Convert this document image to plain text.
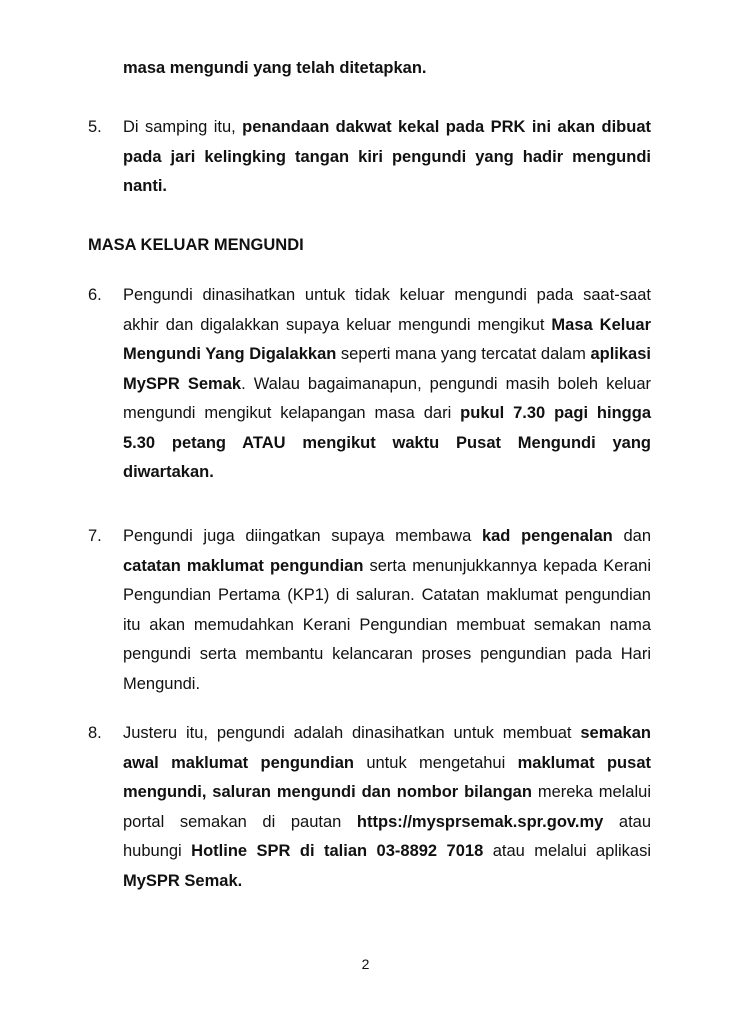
masa mengundi yang telah ditetapkan.

5. Di samping itu, penandaan dakwat kekal pada PRK ini akan dibuat pada jari kelingking tangan kiri pengundi yang hadir mengundi nanti.

MASA KELUAR MENGUNDI

6. Pengundi dinasihatkan untuk tidak keluar mengundi pada saat-saat akhir dan digalakkan supaya keluar mengundi mengikut Masa Keluar Mengundi Yang Digalakkan seperti mana yang tercatat dalam aplikasi MySPR Semak. Walau bagaimanapun, pengundi masih boleh keluar mengundi mengikut kelapangan masa dari pukul 7.30 pagi hingga 5.30 petang ATAU mengikut waktu Pusat Mengundi yang diwartakan.

7. Pengundi juga diingatkan supaya membawa kad pengenalan dan catatan maklumat pengundian serta menunjukkannya kepada Kerani Pengundian Pertama (KP1) di saluran. Catatan maklumat pengundian itu akan memudahkan Kerani Pengundian membuat semakan nama pengundi serta membantu kelancaran proses pengundian pada Hari Mengundi.

8. Justeru itu, pengundi adalah dinasihatkan untuk membuat semakan awal maklumat pengundian untuk mengetahui maklumat pusat mengundi, saluran mengundi dan nombor bilangan mereka melalui portal semakan di pautan https://mysprsemak.spr.gov.my atau hubungi Hotline SPR di talian 03-8892 7018 atau melalui aplikasi MySPR Semak.

2
